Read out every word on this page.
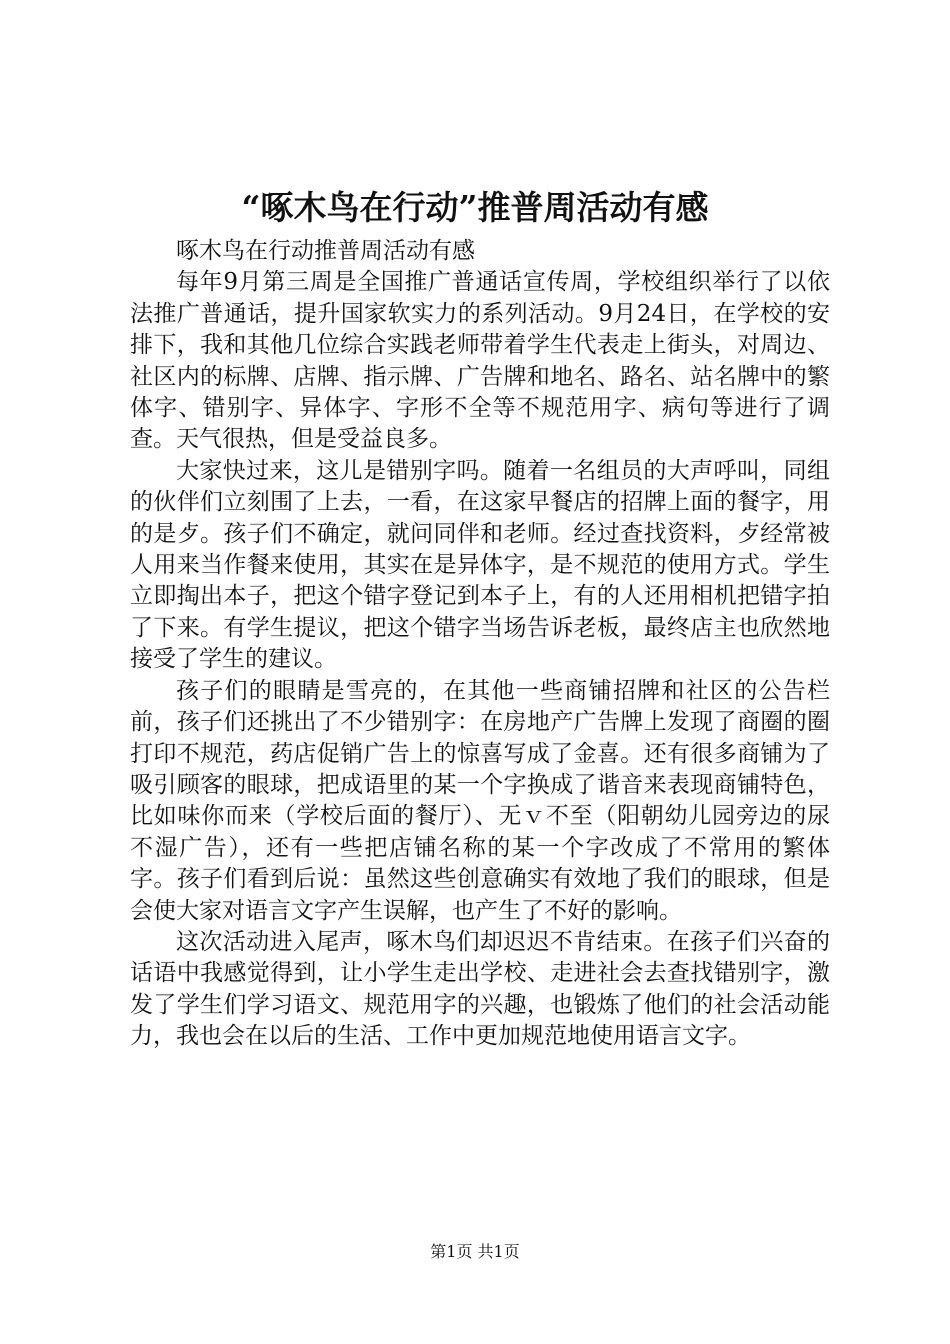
“啄木鸟在行动”推普周活动有感

啄木鸟在行动推普周活动有感

每年9月第三周是全国推广普通话宣传周，学校组织举行了以依法推广普通话，提升国家软实力的系列活动。9月24日，在学校的安排下，我和其他几位综合实践老师带着学生代表走上街头，对周边、社区内的标牌、店牌、指示牌、广告牌和地名、路名、站名牌中的繁体字、错别字、异体字、字形不全等不规范用字、病句等进行了调查。天气很热，但是受益良多。

大家快过来，这儿是错别字吗。随着一名组员的大声呼叫，同组的伙伴们立刻围了上去，一看，在这家早餐店的招牌上面的餐字，用的是歺。孩子们不确定，就问同伴和老师。经过查找资料，歺经常被人用来当作餐来使用，其实在是异体字，是不规范的使用方式。学生立即掏出本子，把这个错字登记到本子上，有的人还用相机把错字拍了下来。有学生提议，把这个错字当场告诉老板，最终店主也欣然地接受了学生的建议。

孩子们的眼睛是雪亮的，在其他一些商铺招牌和社区的公告栏前，孩子们还挑出了不少错别字：在房地产广告牌上发现了商圈的圈打印不规范，药店促销广告上的惊喜写成了金喜。还有很多商铺为了吸引顾客的眼球，把成语里的某一个字换成了谐音来表现商铺特色，比如味你而来（学校后面的餐厅）、无ｖ不至（阳朝幼儿园旁边的尿不湿广告），还有一些把店铺名称的某一个字改成了不常用的繁体字。孩子们看到后说：虽然这些创意确实有效地了我们的眼球，但是会使大家对语言文字产生误解，也产生了不好的影响。

这次活动进入尾声，啄木鸟们却迟迟不肯结束。在孩子们兴奋的话语中我感觉得到，让小学生走出学校、走进社会去查找错别字，激发了学生们学习语文、规范用字的兴趣，也锻炼了他们的社会活动能力，我也会在以后的生活、工作中更加规范地使用语言文字。

第1页 共1页
